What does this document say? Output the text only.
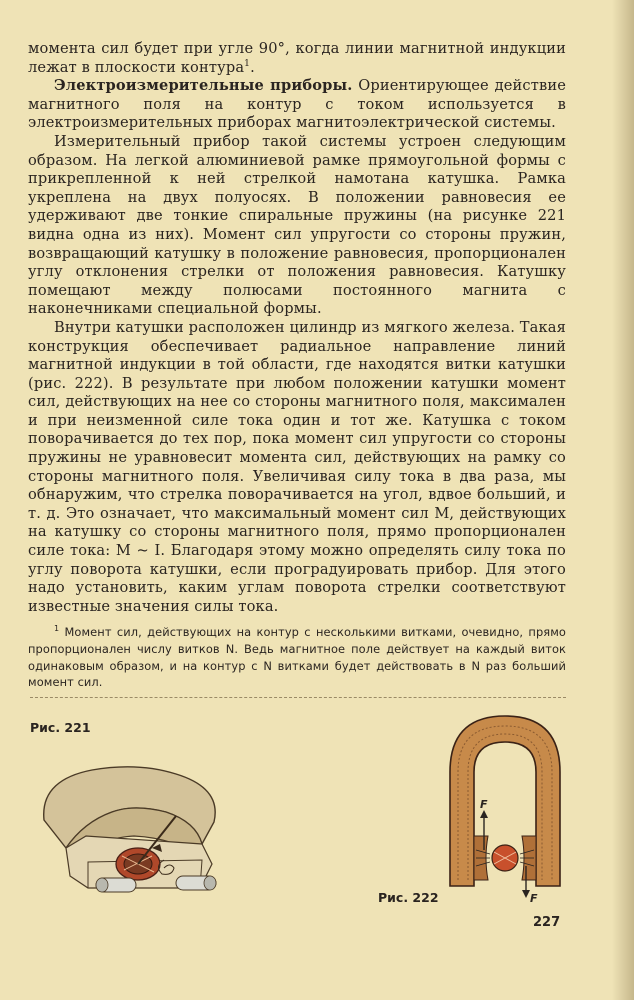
момента сил будет при угле 90°, когда линии магнитной индукции лежат в плоскости контура$^1$.

Электроизмерительные приборы. Ориентирующее действие магнитного поля на контур с током используется в электроизмерительных приборах магнитоэлектрической системы.

Измерительный прибор такой системы устроен следующим образом. На легкой алюминиевой рамке прямоугольной формы с прикрепленной к ней стрелкой намотана катушка. Рамка укреплена на двух полуосях. В положении равновесия ее удерживают две тонкие спиральные пружины (на рисунке 221 видна одна из них). Момент сил упругости со стороны пружин, возвращающий катушку в положение равновесия, пропорционален углу отклонения стрелки от положения равновесия. Катушку помещают между полюсами постоянного магнита с наконечниками специальной формы.

Внутри катушки расположен цилиндр из мягкого железа. Такая конструкция обеспечивает радиальное направление линий магнитной индукции в той области, где находятся витки катушки (рис. 222). В результате при любом положении катушки момент сил, действующих на нее со стороны магнитного поля, максимален и при неизменной силе тока один и тот же. Катушка с током поворачивается до тех пор, пока момент сил упругости со стороны пружины не уравновесит момента сил, действующих на рамку со стороны магнитного поля. Увеличивая силу тока в два раза, мы обнаружим, что стрелка поворачивается на угол, вдвое больший, и т. д. Это означает, что максимальный момент сил M, действующих на катушку со стороны магнитного поля, прямо пропорционален силе тока: M ~ I. Благодаря этому можно определять силу тока по углу поворота катушки, если проградуировать прибор. Для этого надо установить, каким углам поворота стрелки соответствуют известные значения силы тока.

$^1$ Момент сил, действующих на контур с несколькими витками, очевидно, прямо пропорционален числу витков N. Ведь магнитное поле действует на каждый виток одинаковым образом, и на контур с N витками будет действовать в N раз больший момент сил.
Рис. 221
F
F
Рис. 222
227
